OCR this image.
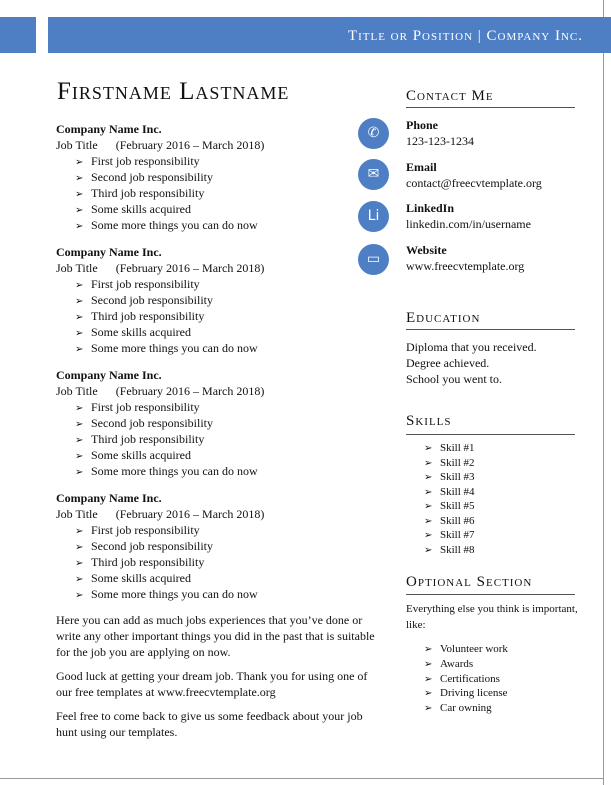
Title or Position | Company Inc.
Firstname Lastname
Company Name Inc.
Job Title (February 2016 – March 2018)
➢ First job responsibility
➢ Second job responsibility
➢ Third job responsibility
➢ Some skills acquired
➢ Some more things you can do now
Company Name Inc.
Job Title (February 2016 – March 2018)
➢ First job responsibility
➢ Second job responsibility
➢ Third job responsibility
➢ Some skills acquired
➢ Some more things you can do now
Company Name Inc.
Job Title (February 2016 – March 2018)
➢ First job responsibility
➢ Second job responsibility
➢ Third job responsibility
➢ Some skills acquired
➢ Some more things you can do now
Company Name Inc.
Job Title (February 2016 – March 2018)
➢ First job responsibility
➢ Second job responsibility
➢ Third job responsibility
➢ Some skills acquired
➢ Some more things you can do now
Here you can add as much jobs experiences that you’ve done or write any other important things you did in the past that is suitable for the job you are applying on now.
Good luck at getting your dream job. Thank you for using one of our free templates at www.freecvtemplate.org
Feel free to come back to give us some feedback about your job hunt using our templates.
Contact Me
✆	Phone
123-123-1234
✉	Email
contact@freecvtemplate.org
Li	LinkedIn
linkedin.com/in/username
▭
Website
www.freecvtemplate.org
Education
Diploma that you received.
Degree achieved.
School you went to.
Skills
➢ Skill #1
➢ Skill #2
➢ Skill #3
➢ Skill #4
➢ Skill #5
➢ Skill #6
➢ Skill #7
➢ Skill #8
Optional Section
Everything else you think is important, like:
➢ Volunteer work
➢ Awards
➢ Certifications
➢ Driving license
➢ Car owning
